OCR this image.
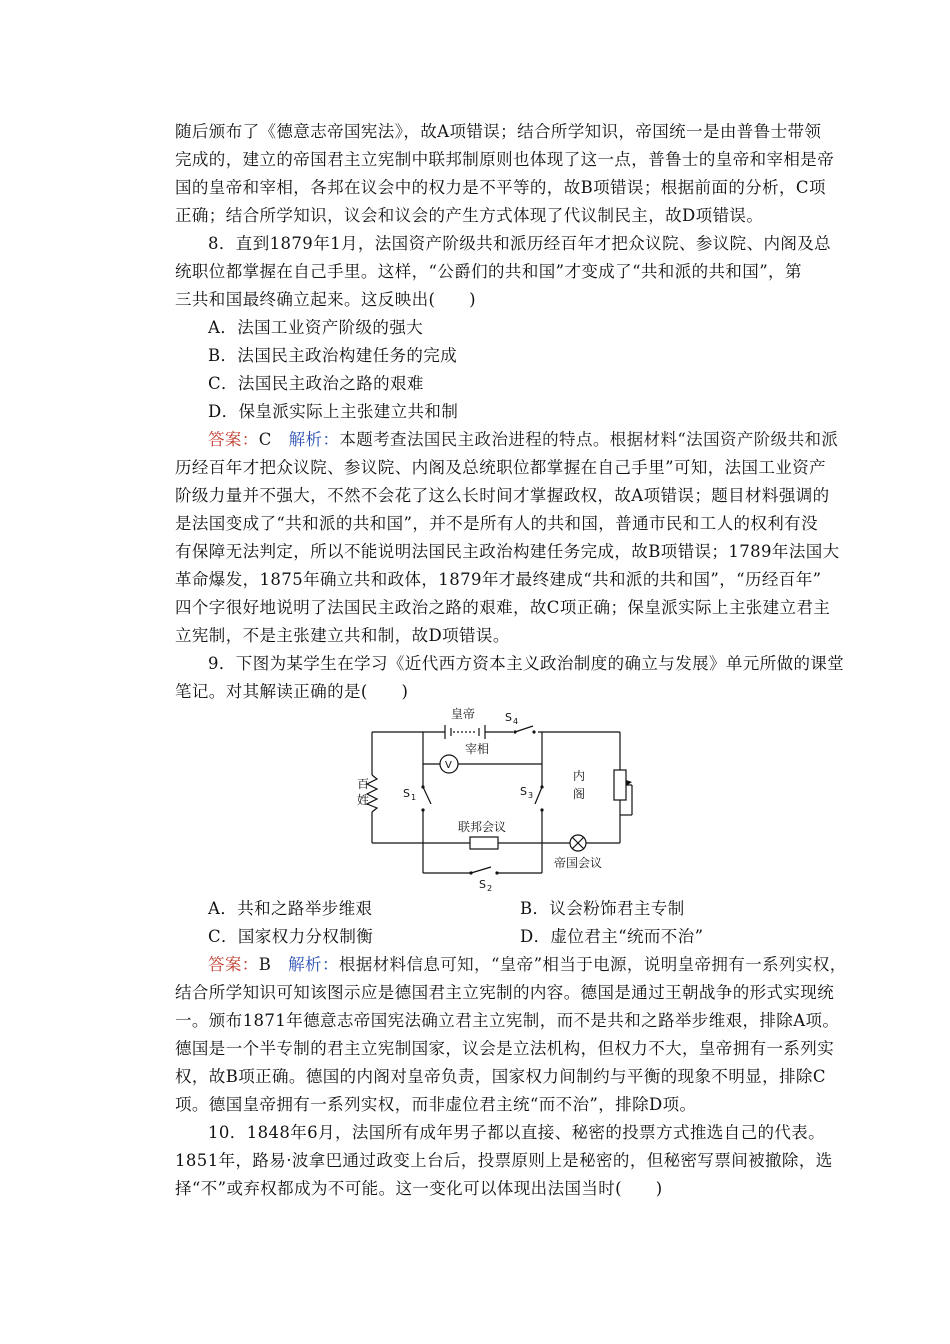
随后颁布了《德意志帝国宪法》，故A项错误；结合所学知识，帝国统一是由普鲁士带领
完成的，建立的帝国君主立宪制中联邦制原则也体现了这一点，普鲁士的皇帝和宰相是帝
国的皇帝和宰相，各邦在议会中的权力是不平等的，故B项错误；根据前面的分析，C项
正确；结合所学知识，议会和议会的产生方式体现了代议制民主，故D项错误。
8．直到1879年1月，法国资产阶级共和派历经百年才把众议院、参议院、内阁及总
统职位都掌握在自己手里。这样，“公爵们的共和国”才变成了“共和派的共和国”，第
三共和国最终确立起来。这反映出(　　)
A．法国工业资产阶级的强大
B．法国民主政治构建任务的完成
C．法国民主政治之路的艰难
D．保皇派实际上主张建立共和制
答案：C　解析：本题考查法国民主政治进程的特点。根据材料“法国资产阶级共和派
历经百年才把众议院、参议院、内阁及总统职位都掌握在自己手里”可知，法国工业资产
阶级力量并不强大，不然不会花了这么长时间才掌握政权，故A项错误；题目材料强调的
是法国变成了“共和派的共和国”，并不是所有人的共和国，普通市民和工人的权利有没
有保障无法判定，所以不能说明法国民主政治构建任务完成，故B项错误；1789年法国大
革命爆发，1875年确立共和政体，1879年才最终建成“共和派的共和国”，“历经百年”
四个字很好地说明了法国民主政治之路的艰难，故C项正确；保皇派实际上主张建立君主
立宪制，不是主张建立共和制，故D项错误。
9．下图为某学生在学习《近代西方资本主义政治制度的确立与发展》单元所做的课堂
笔记。对其解读正确的是(　　)
皇帝	S 4
宰相
V
百
姓	S 1	S 3
内
阁
联邦会议
帝国会议
S 2
A．共和之路举步维艰	B．议会粉饰君主专制
C．国家权力分权制衡	D．虚位君主“统而不治”
答案：B　解析：根据材料信息可知，“皇帝”相当于电源，说明皇帝拥有一系列实权，
结合所学知识可知该图示应是德国君主立宪制的内容。德国是通过王朝战争的形式实现统
一。颁布1871年德意志帝国宪法确立君主立宪制，而不是共和之路举步维艰，排除A项。
德国是一个半专制的君主立宪制国家，议会是立法机构，但权力不大，皇帝拥有一系列实
权，故B项正确。德国的内阁对皇帝负责，国家权力间制约与平衡的现象不明显，排除C
项。德国皇帝拥有一系列实权，而非虚位君主统“而不治”，排除D项。
10．1848年6月，法国所有成年男子都以直接、秘密的投票方式推选自己的代表。
1851年，路易·波拿巴通过政变上台后，投票原则上是秘密的，但秘密写票间被撤除，选
择“不”或弃权都成为不可能。这一变化可以体现出法国当时(　　)
